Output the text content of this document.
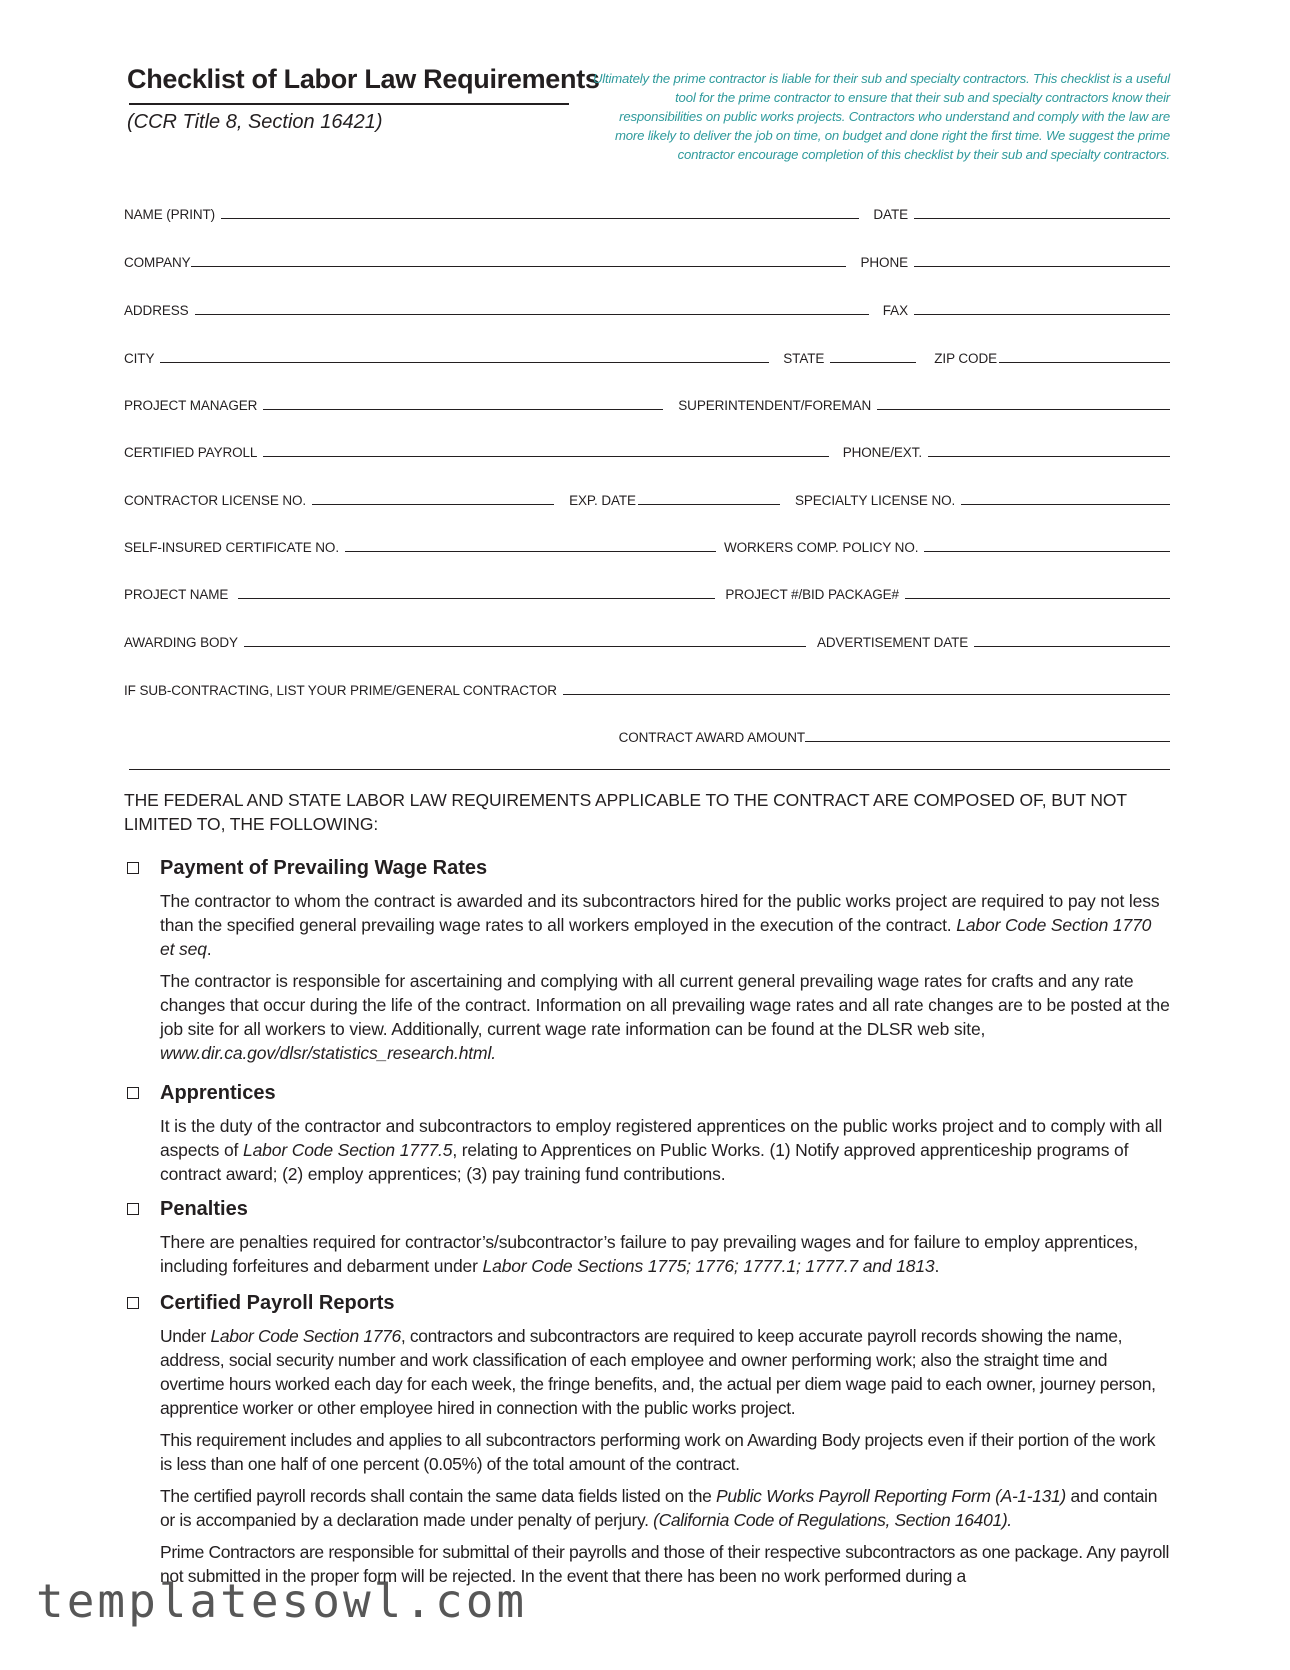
Checklist of Labor Law Requirements
(CCR Title 8, Section 16421)
Ultimately the prime contractor is liable for their sub and specialty contractors. This checklist is a useful tool for the prime contractor to ensure that their sub and specialty contractors know their responsibilities on public works projects. Contractors who understand and comply with the law are more likely to deliver the job on time, on budget and done right the first time. We suggest the prime contractor encourage completion of this checklist by their sub and specialty contractors.
NAME (PRINT)	DATE
COMPANY	PHONE
ADDRESS	FAX
CITY	STATE	ZIP CODE
PROJECT MANAGER	SUPERINTENDENT/FOREMAN
CERTIFIED PAYROLL	PHONE/EXT.
CONTRACTOR LICENSE NO.	EXP. DATE	SPECIALTY LICENSE NO.
SELF-INSURED CERTIFICATE NO.	WORKERS COMP. POLICY NO.
PROJECT NAME	PROJECT #/BID PACKAGE#
AWARDING BODY	ADVERTISEMENT DATE
IF SUB-CONTRACTING, LIST YOUR PRIME/GENERAL CONTRACTOR
CONTRACT AWARD AMOUNT
THE FEDERAL AND STATE LABOR LAW REQUIREMENTS APPLICABLE TO THE CONTRACT ARE COMPOSED OF, BUT NOT LIMITED TO, THE FOLLOWING:
Payment of Prevailing Wage Rates

The contractor to whom the contract is awarded and its subcontractors hired for the public works project are required to pay not less than the specified general prevailing wage rates to all workers employed in the execution of the contract. Labor Code Section 1770 et seq.

The contractor is responsible for ascertaining and complying with all current general prevailing wage rates for crafts and any rate changes that occur during the life of the contract. Information on all prevailing wage rates and all rate changes are to be posted at the job site for all workers to view. Additionally, current wage rate information can be found at the DLSR web site, www.dir.ca.gov/dlsr/statistics_research.html.

Apprentices

It is the duty of the contractor and subcontractors to employ registered apprentices on the public works project and to comply with all aspects of Labor Code Section 1777.5, relating to Apprentices on Public Works. (1) Notify approved apprenticeship programs of contract award; (2) employ apprentices; (3) pay training fund contributions.

Penalties

There are penalties required for contractor’s/subcontractor’s failure to pay prevailing wages and for failure to employ apprentices, including forfeitures and debarment under Labor Code Sections 1775; 1776; 1777.1; 1777.7 and 1813.

Certified Payroll Reports

Under Labor Code Section 1776, contractors and subcontractors are required to keep accurate payroll records showing the name, address, social security number and work classification of each employee and owner performing work; also the straight time and overtime hours worked each day for each week, the fringe benefits, and, the actual per diem wage paid to each owner, journey person, apprentice worker or other employee hired in connection with the public works project.

This requirement includes and applies to all subcontractors performing work on Awarding Body projects even if their portion of the work is less than one half of one percent (0.05%) of the total amount of the contract.

The certified payroll records shall contain the same data fields listed on the Public Works Payroll Reporting Form (A-1-131) and contain or is accompanied by a declaration made under penalty of perjury. (California Code of Regulations, Section 16401).

Prime Contractors are responsible for submittal of their payrolls and those of their respective subcontractors as one package. Any payroll not submitted in the proper form will be rejected. In the event that there has been no work performed during a

templatesowl.com
